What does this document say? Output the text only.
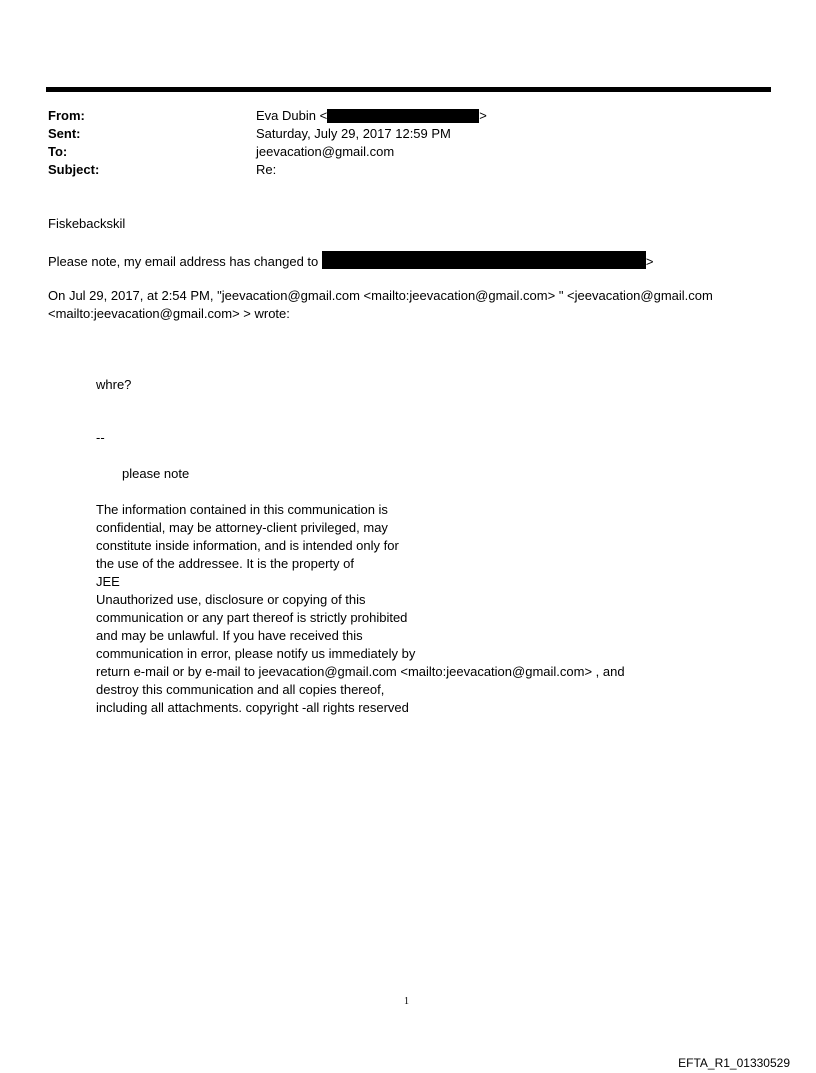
From:	Eva Dubin <	>
Sent:	Saturday, July 29, 2017 12:59 PM
To:	jeevacation@gmail.com
Subject:	Re:
Fiskebackskil
Please note, my email address has changed to	>
On Jul 29, 2017, at 2:54 PM, "jeevacation@gmail.com <mailto:jeevacation@gmail.com> " <jeevacation@gmail.com
<mailto:jeevacation@gmail.com> > wrote:
whre?
--
please note
The information contained in this communication is
confidential, may be attorney-client privileged, may
constitute inside information, and is intended only for
the use of the addressee. It is the property of
JEE
Unauthorized use, disclosure or copying of this
communication or any part thereof is strictly prohibited
and may be unlawful. If you have received this
communication in error, please notify us immediately by
return e-mail or by e-mail to jeevacation@gmail.com <mailto:jeevacation@gmail.com> , and
destroy this communication and all copies thereof,
including all attachments. copyright -all rights reserved
1
EFTA_R1_01330529
